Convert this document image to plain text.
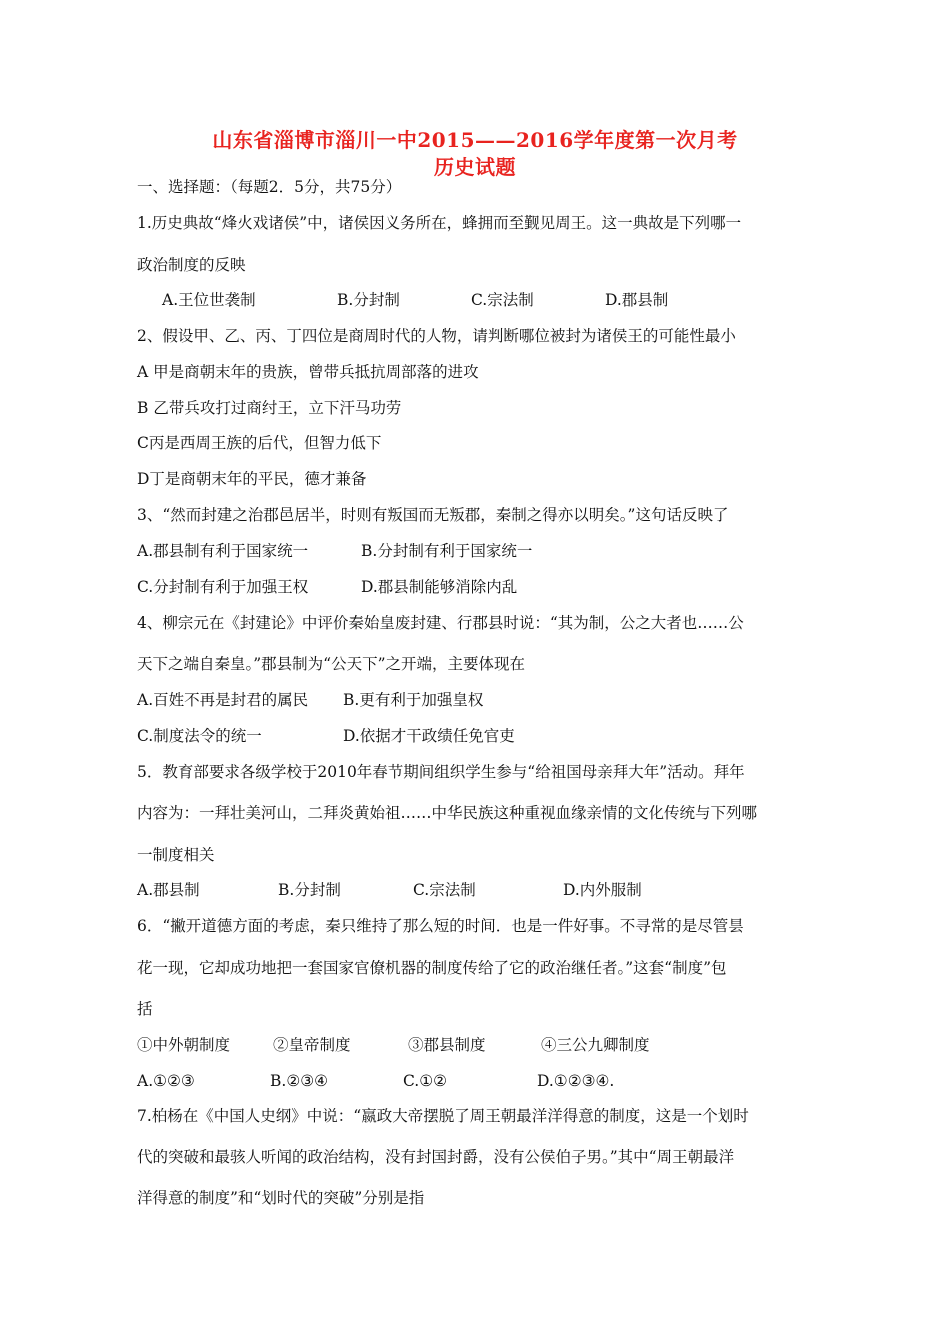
山东省淄博市淄川一中2015——2016学年度第一次月考
历史试题
一、选择题：（每题2．5分，共75分）
1.历史典故“烽火戏诸侯”中，诸侯因义务所在，蜂拥而至觐见周王。这一典故是下列哪一
政治制度的反映
A.王位世袭制	B.分封制	C.宗法制	D.郡县制
2、假设甲、乙、丙、丁四位是商周时代的人物，请判断哪位被封为诸侯王的可能性最小
A 甲是商朝末年的贵族，曾带兵抵抗周部落的进攻
B 乙带兵攻打过商纣王，立下汗马功劳
C丙是西周王族的后代，但智力低下
D丁是商朝末年的平民，德才兼备
3、“然而封建之治郡邑居半，时则有叛国而无叛郡，秦制之得亦以明矣。”这句话反映了
A.郡县制有利于国家统一	B.分封制有利于国家统一
C.分封制有利于加强王权	D.郡县制能够消除内乱
4、柳宗元在《封建论》中评价秦始皇废封建、行郡县时说：“其为制，公之大者也……公
天下之端自秦皇。”郡县制为“公天下”之开端，主要体现在
A.百姓不再是封君的属民 B.更有利于加强皇权
C.制度法令的统一	D.依据才干政绩任免官吏
5．教育部要求各级学校于2010年春节期间组织学生参与“给祖国母亲拜大年”活动。拜年
内容为：一拜壮美河山，二拜炎黄始祖……中华民族这种重视血缘亲情的文化传统与下列哪
一制度相关
A.郡县制	B.分封制	C.宗法制	D.内外服制
6．“撇开道德方面的考虑，秦只维持了那么短的时间．也是一件好事。不寻常的是尽管昙
花一现，它却成功地把一套国家官僚机器的制度传给了它的政治继任者。”这套“制度”包
括
①中外朝制度	②皇帝制度	③郡县制度	④三公九卿制度
A.①②③	B.②③④	C.①②	D.①②③④.
7.柏杨在《中国人史纲》中说：“嬴政大帝摆脱了周王朝最洋洋得意的制度，这是一个划时
代的突破和最骇人听闻的政治结构，没有封国封爵，没有公侯伯子男。”其中“周王朝最洋
洋得意的制度”和“划时代的突破”分别是指
